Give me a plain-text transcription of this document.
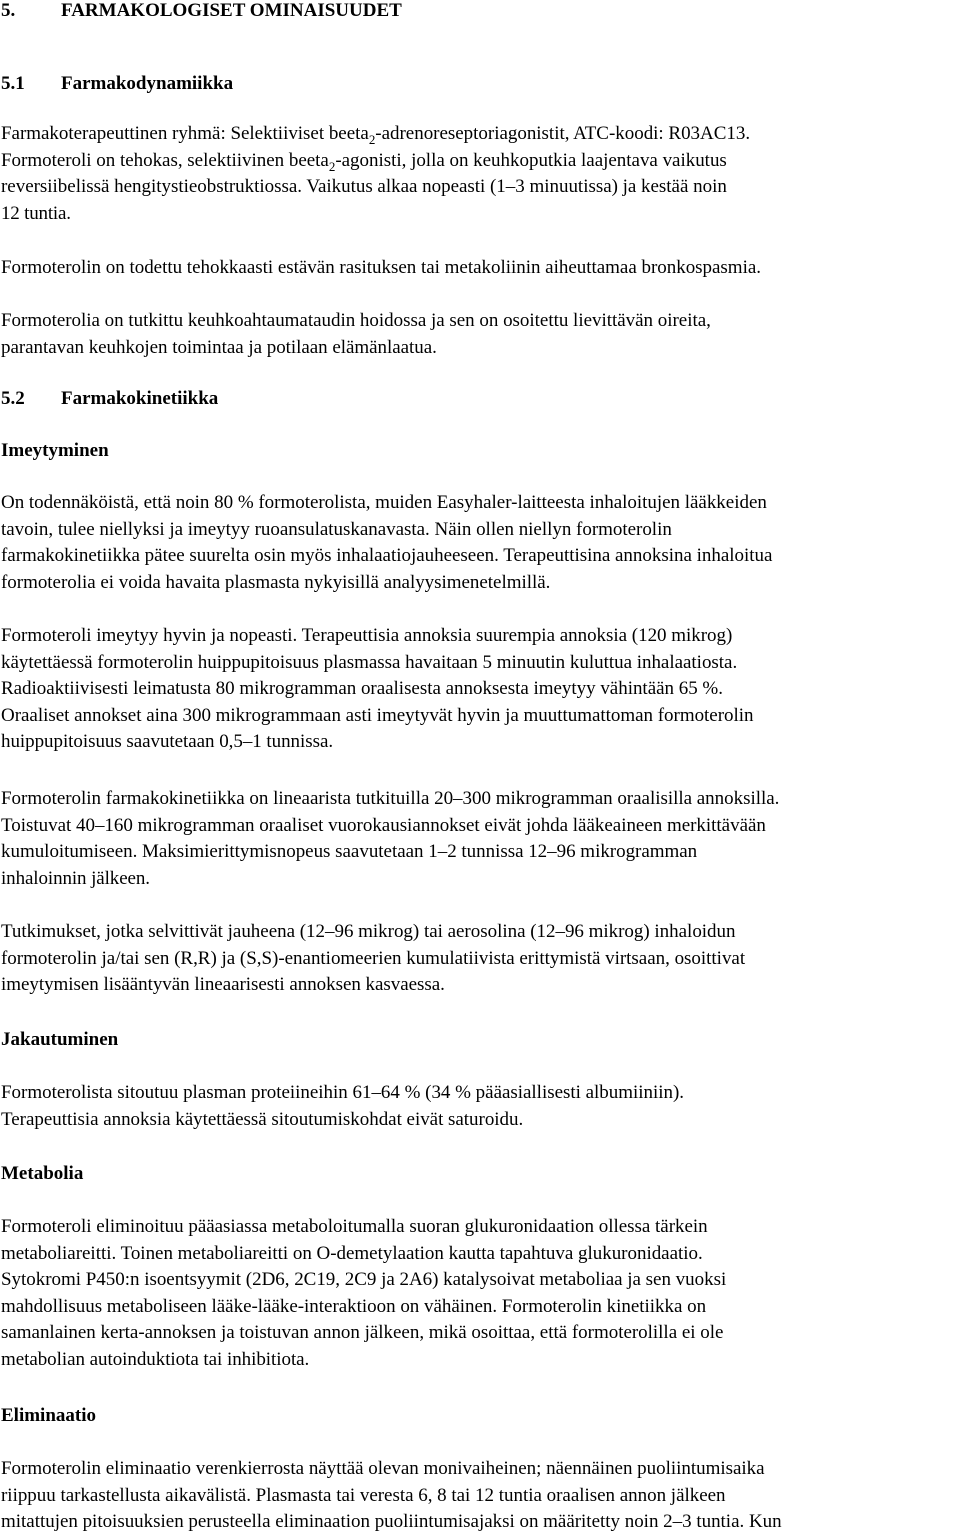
5. FARMAKOLOGISET OMINAISUUDET
5.1 Farmakodynamiikka
Farmakoterapeuttinen ryhmä: Selektiiviset beeta$_2$-adrenoreseptoriagonistit, ATC-koodi: R03AC13.
Formoteroli on tehokas, selektiivinen beeta$_2$-agonisti, jolla on keuhkoputkia laajentava vaikutus
reversiibelissä hengitystieobstruktiossa. Vaikutus alkaa nopeasti (1–3 minuutissa) ja kestää noin
12 tuntia.
Formoterolin on todettu tehokkaasti estävän rasituksen tai metakoliinin aiheuttamaa bronkospasmia.
Formoterolia on tutkittu keuhkoahtaumataudin hoidossa ja sen on osoitettu lievittävän oireita,
parantavan keuhkojen toimintaa ja potilaan elämänlaatua.
5.2 Farmakokinetiikka
Imeytyminen
On todennäköistä, että noin 80 % formoterolista, muiden Easyhaler-laitteesta inhaloitujen lääkkeiden
tavoin, tulee niellyksi ja imeytyy ruoansulatuskanavasta. Näin ollen niellyn formoterolin
farmakokinetiikka pätee suurelta osin myös inhalaatiojauheeseen. Terapeuttisina annoksina inhaloitua
formoterolia ei voida havaita plasmasta nykyisillä analyysimenetelmillä.
Formoteroli imeytyy hyvin ja nopeasti. Terapeuttisia annoksia suurempia annoksia (120 mikrog)
käytettäessä formoterolin huippupitoisuus plasmassa havaitaan 5 minuutin kuluttua inhalaatiosta.
Radioaktiivisesti leimatusta 80 mikrogramman oraalisesta annoksesta imeytyy vähintään 65 %.
Oraaliset annokset aina 300 mikrogrammaan asti imeytyvät hyvin ja muuttumattoman formoterolin
huippupitoisuus saavutetaan 0,5–1 tunnissa.
Formoterolin farmakokinetiikka on lineaarista tutkituilla 20–300 mikrogramman oraalisilla annoksilla.
Toistuvat 40–160 mikrogramman oraaliset vuorokausiannokset eivät johda lääkeaineen merkittävään
kumuloitumiseen. Maksimierittymisnopeus saavutetaan 1–2 tunnissa 12–96 mikrogramman
inhaloinnin jälkeen.
Tutkimukset, jotka selvittivät jauheena (12–96 mikrog) tai aerosolina (12–96 mikrog) inhaloidun
formoterolin ja/tai sen (R,R) ja (S,S)-enantiomeerien kumulatiivista erittymistä virtsaan, osoittivat
imeytymisen lisääntyvän lineaarisesti annoksen kasvaessa.
Jakautuminen
Formoterolista sitoutuu plasman proteiineihin 61–64 % (34 % pääasiallisesti albumiiniin).
Terapeuttisia annoksia käytettäessä sitoutumiskohdat eivät saturoidu.
Metabolia
Formoteroli eliminoituu pääasiassa metaboloitumalla suoran glukuronidaation ollessa tärkein
metaboliareitti. Toinen metaboliareitti on O-demetylaation kautta tapahtuva glukuronidaatio.
Sytokromi P450:n isoentsyymit (2D6, 2C19, 2C9 ja 2A6) katalysoivat metaboliaa ja sen vuoksi
mahdollisuus metaboliseen lääke-lääke-interaktioon on vähäinen. Formoterolin kinetiikka on
samanlainen kerta-annoksen ja toistuvan annon jälkeen, mikä osoittaa, että formoterolilla ei ole
metabolian autoinduktiota tai inhibitiota.
Eliminaatio
Formoterolin eliminaatio verenkierrosta näyttää olevan monivaiheinen; näennäinen puoliintumisaika
riippuu tarkastellusta aikavälistä. Plasmasta tai veresta 6, 8 tai 12 tuntia oraalisen annon jälkeen
mitattujen pitoisuuksien perusteella eliminaation puoliintumisajaksi on määritetty noin 2–3 tuntia. Kun
